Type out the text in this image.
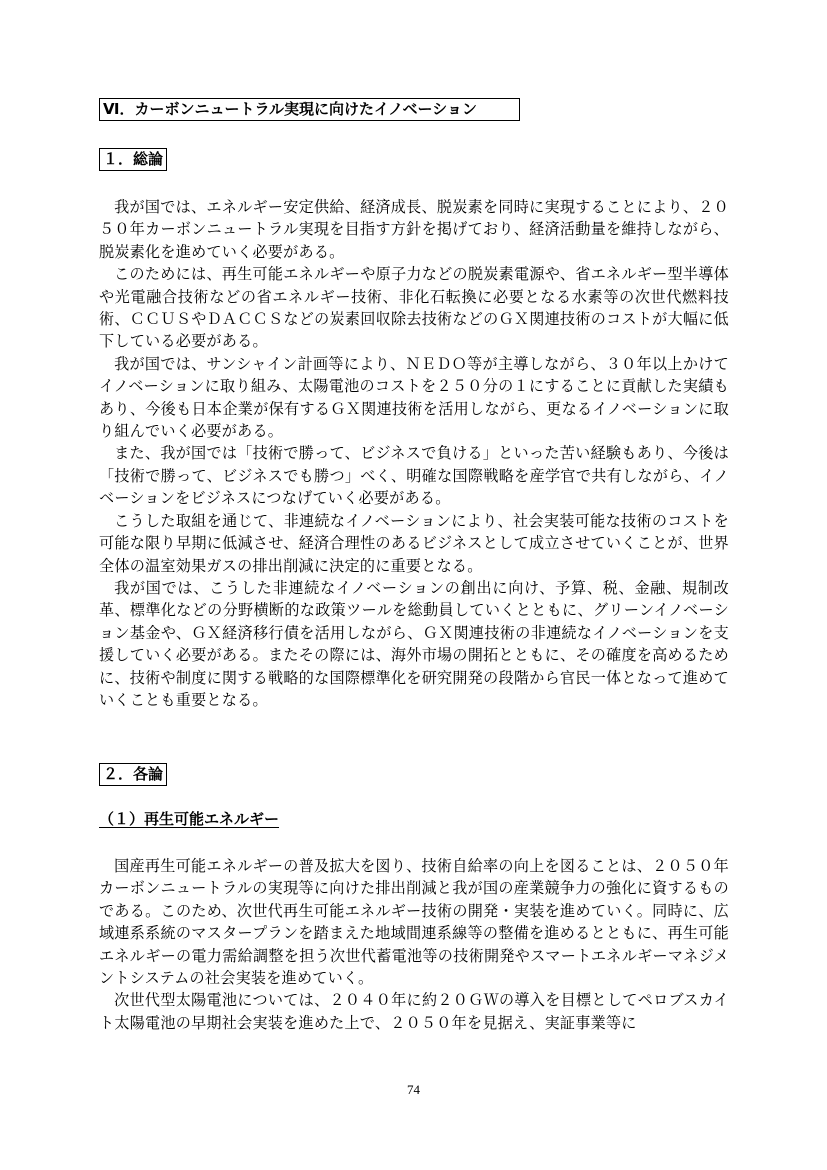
Ⅵ．カーボンニュートラル実現に向けたイノベーション
１．総論

我が国では、エネルギー安定供給、経済成長、脱炭素を同時に実現することにより、２０５０年カーボンニュートラル実現を目指す方針を掲げており、経済活動量を維持しながら、脱炭素化を進めていく必要がある。

このためには、再生可能エネルギーや原子力などの脱炭素電源や、省エネルギー型半導体や光電融合技術などの省エネルギー技術、非化石転換に必要となる水素等の次世代燃料技術、ＣＣＵＳやＤＡＣＣＳなどの炭素回収除去技術などのＧＸ関連技術のコストが大幅に低下している必要がある。

我が国では、サンシャイン計画等により、ＮＥＤＯ等が主導しながら、３０年以上かけてイノベーションに取り組み、太陽電池のコストを２５０分の１にすることに貢献した実績もあり、今後も日本企業が保有するＧＸ関連技術を活用しながら、更なるイノベーションに取り組んでいく必要がある。

また、我が国では「技術で勝って、ビジネスで負ける」といった苦い経験もあり、今後は「技術で勝って、ビジネスでも勝つ」べく、明確な国際戦略を産学官で共有しながら、イノベーションをビジネスにつなげていく必要がある。

こうした取組を通じて、非連続なイノベーションにより、社会実装可能な技術のコストを可能な限り早期に低減させ、経済合理性のあるビジネスとして成立させていくことが、世界全体の温室効果ガスの排出削減に決定的に重要となる。

我が国では、こうした非連続なイノベーションの創出に向け、予算、税、金融、規制改革、標準化などの分野横断的な政策ツールを総動員していくとともに、グリーンイノベーション基金や、ＧＸ経済移行債を活用しながら、ＧＸ関連技術の非連続なイノベーションを支援していく必要がある。またその際には、海外市場の開拓とともに、その確度を高めるために、技術や制度に関する戦略的な国際標準化を研究開発の段階から官民一体となって進めていくことも重要となる。

２．各論
（１）再生可能エネルギー

国産再生可能エネルギーの普及拡大を図り、技術自給率の向上を図ることは、２０５０年カーボンニュートラルの実現等に向けた排出削減と我が国の産業競争力の強化に資するものである。このため、次世代再生可能エネルギー技術の開発・実装を進めていく。同時に、広域連系系統のマスタープランを踏まえた地域間連系線等の整備を進めるとともに、再生可能エネルギーの電力需給調整を担う次世代蓄電池等の技術開発やスマートエネルギーマネジメントシステムの社会実装を進めていく。

次世代型太陽電池については、２０４０年に約２０ＧＷの導入を目標としてペロブスカイト太陽電池の早期社会実装を進めた上で、２０５０年を見据え、実証事業等に

74
